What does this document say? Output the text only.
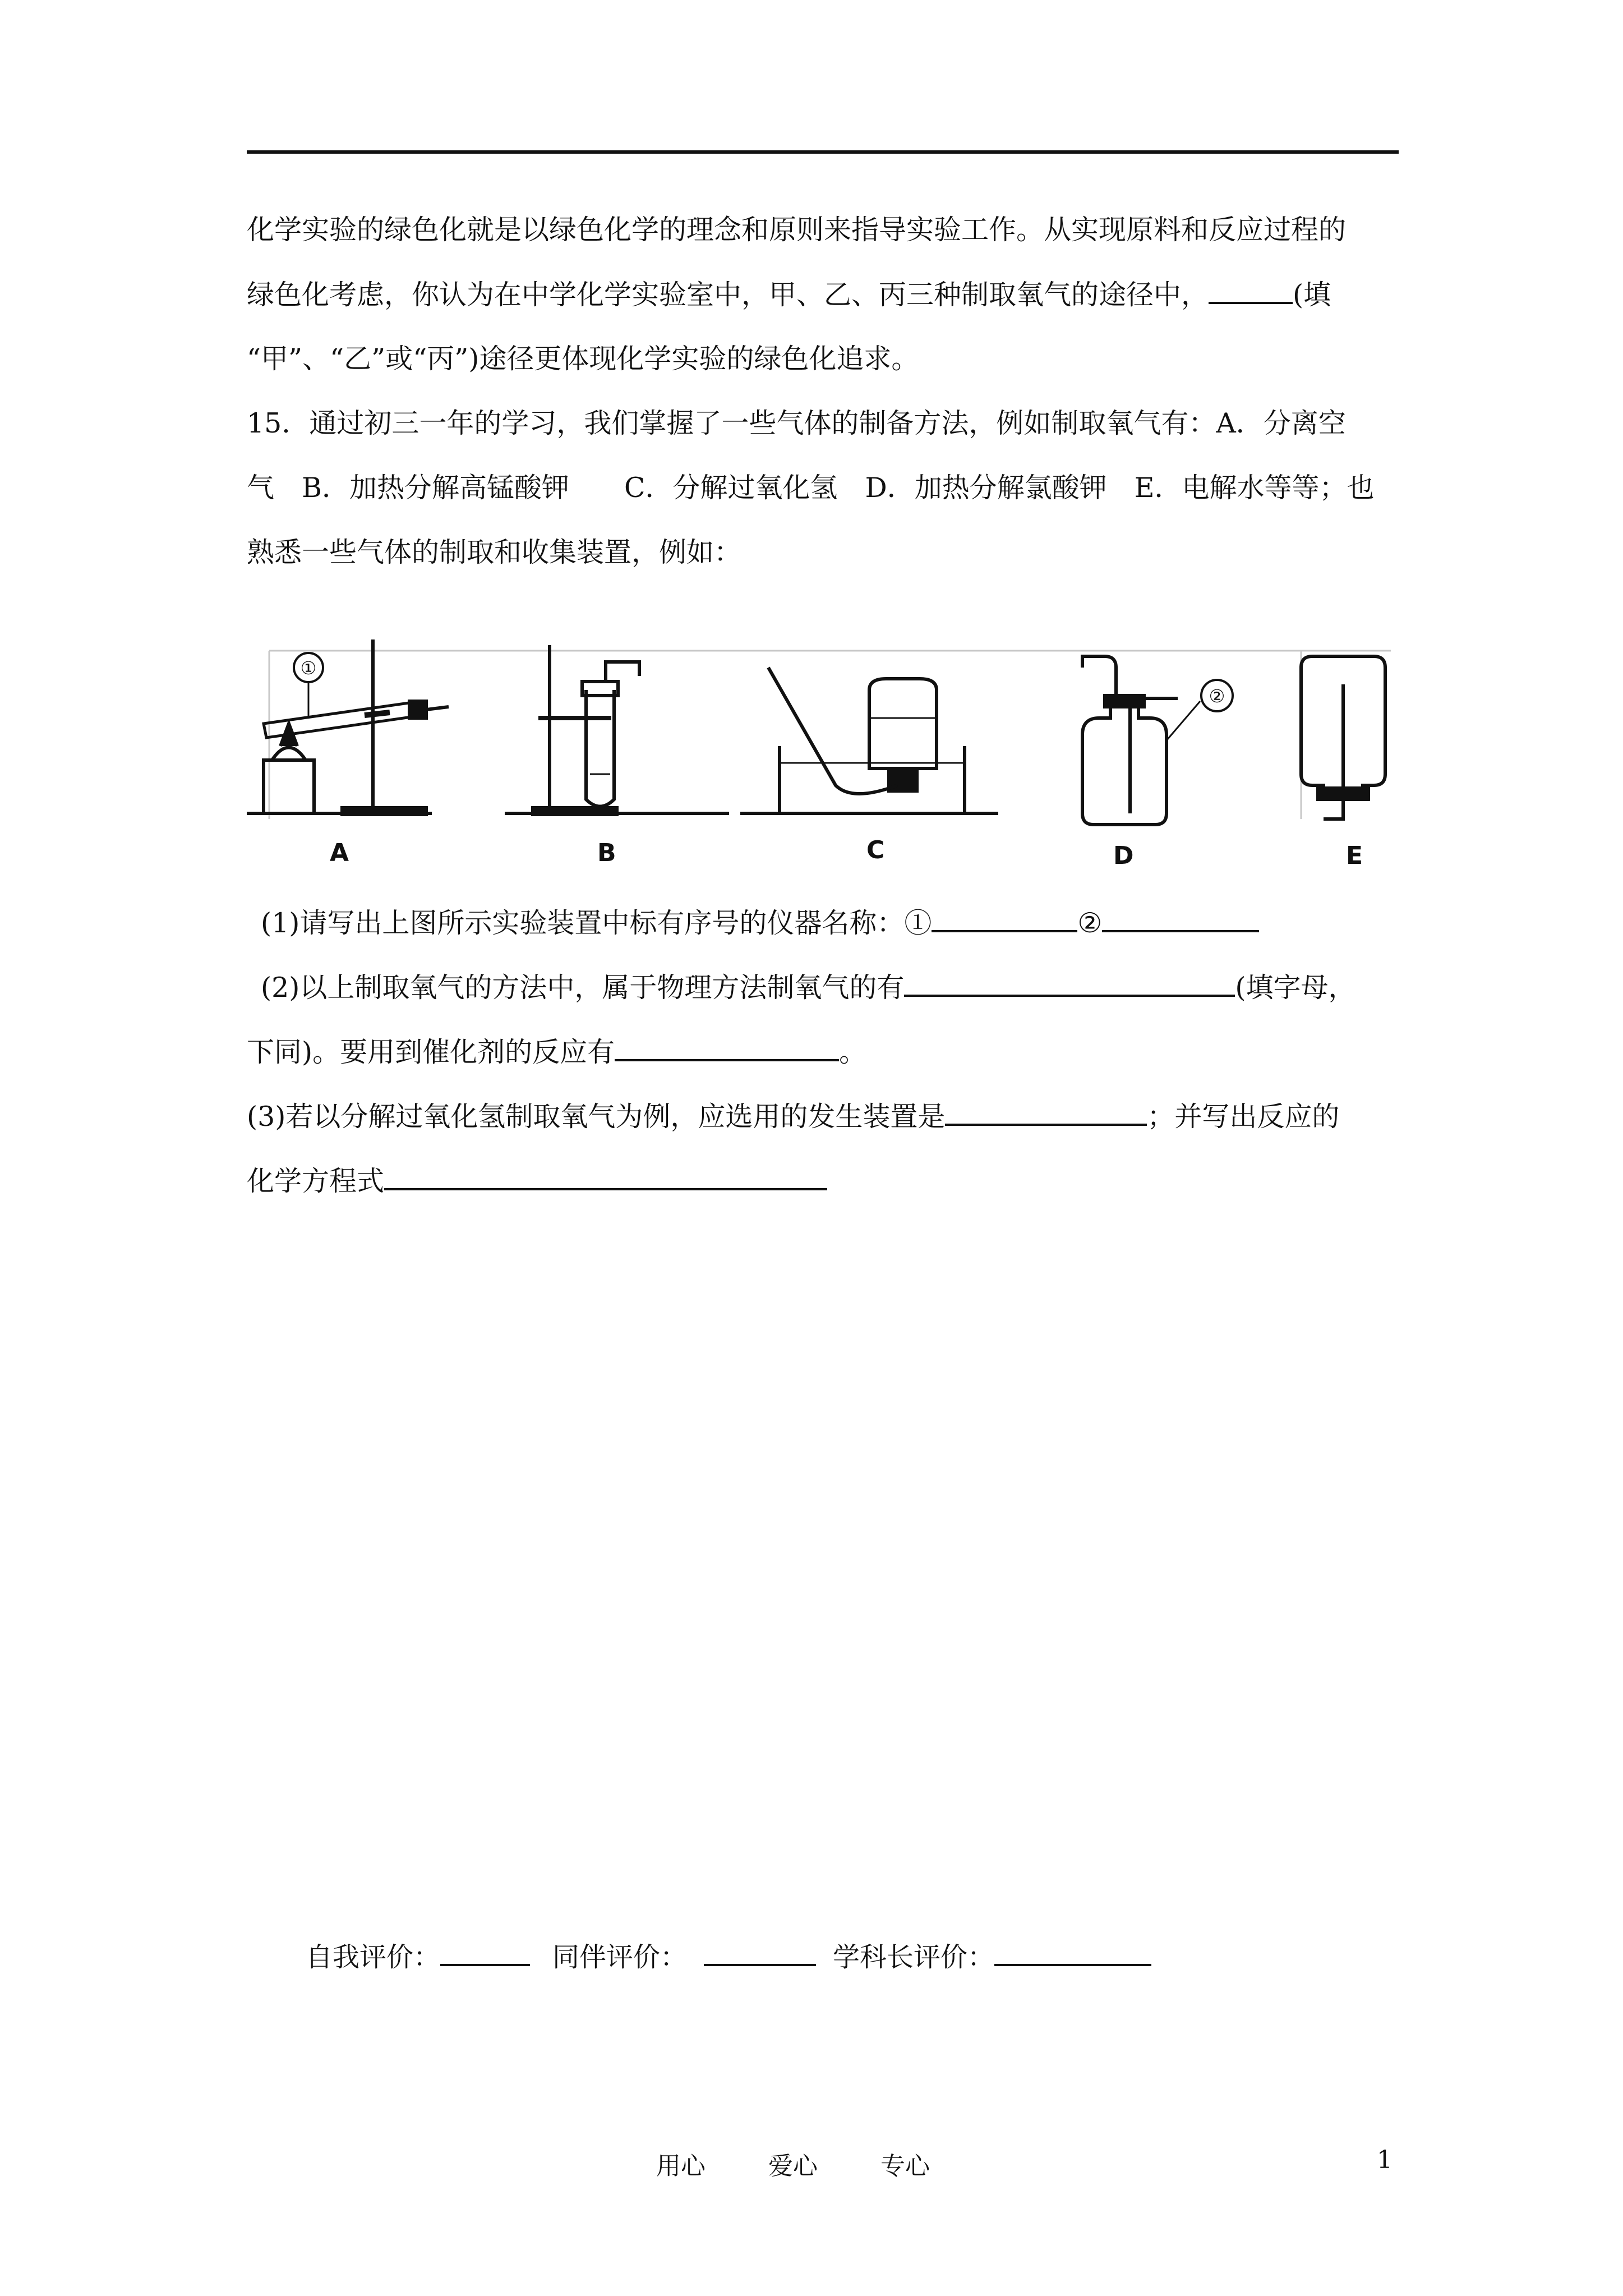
化学实验的绿色化就是以绿色化学的理念和原则来指导实验工作。从实现原料和反应过程的
绿色化考虑，你认为在中学化学实验室中，甲、乙、丙三种制取氧气的途径中，	(填
“甲”、“乙”或“丙”)途径更体现化学实验的绿色化追求。
15．通过初三一年的学习，我们掌握了一些气体的制备方法，例如制取氧气有：A．分离空
气　B．加热分解高锰酸钾　　C．分解过氧化氢　D．加热分解氯酸钾　E．电解水等等；也
熟悉一些气体的制取和收集装置，例如：
①
②
A	B	C	D	E
(1)请写出上图所示实验装置中标有序号的仪器名称：①	②
(2)以上制取氧气的方法中，属于物理方法制氧气的有	(填字母，
下同)。要用到催化剂的反应有	。
(3)若以分解过氧化氢制取氧气为例，应选用的发生装置是	；并写出反应的
化学方程式
自我评价：	同伴评价：	学科长评价：
用心	爱心	专心	1
